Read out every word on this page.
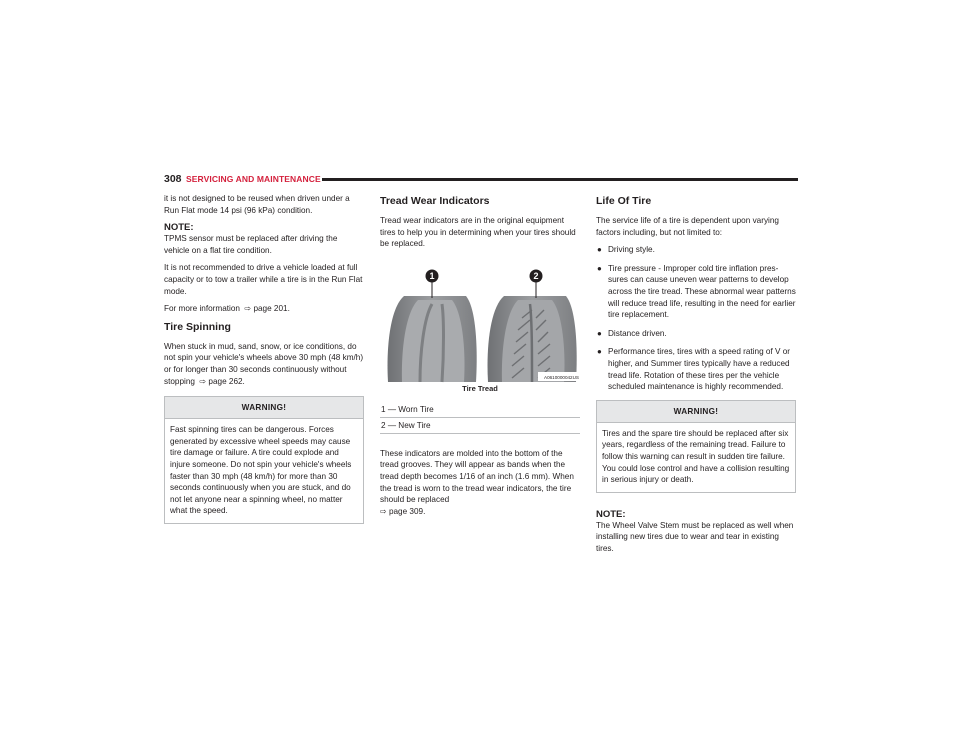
308 SERVICING AND MAINTENANCE

it is not designed to be reused when driven under a Run Flat mode 14 psi (96 kPa) condition.

NOTE:

TPMS sensor must be replaced after driving the vehicle on a flat tire condition.

It is not recommended to drive a vehicle loaded at full capacity or to tow a trailer while a tire is in the Run Flat mode.

For more information  ⇨ page 201.

Tire Spinning

When stuck in mud, sand, snow, or ice conditions, do not spin your vehicle's wheels above 30 mph (48 km/h) or for longer than 30 seconds continuously without stopping  ⇨ page 262.

WARNING!
Fast spinning tires can be dangerous. Forces generated by excessive wheel speeds may cause tire damage or failure. A tire could explode and injure someone. Do not spin your vehicle's wheels faster than 30 mph (48 km/h) for more than 30 seconds continuously when you are stuck, and do not let anyone near a spinning wheel, no matter what the speed.
Tread Wear Indicators

Tread wear indicators are in the original equipment tires to help you in determining when your tires should be replaced.

1	2
A0610000042US
Tire Tread
1 — Worn Tire
2 — New Tire

These indicators are molded into the bottom of the tread grooves. They will appear as bands when the tread depth becomes 1/16 of an inch (1.6 mm). When the tread is worn to the tread wear indicators, the tire should be replaced
⇨ page 309.

Life Of Tire

The service life of a tire is dependent upon varying factors including, but not limited to:

● Driving style.
● Tire pressure - Improper cold tire inflation pres-sures can cause uneven wear patterns to develop across the tire tread. These abnormal wear patterns will reduce tread life, resulting in the need for earlier tire replacement.
● Distance driven.
● Performance tires, tires with a speed rating of V or higher, and Summer tires typically have a reduced tread life. Rotation of these tires per the vehicle scheduled maintenance is highly recommended.
WARNING!
Tires and the spare tire should be replaced after six years, regardless of the remaining tread. Failure to follow this warning can result in sudden tire failure. You could lose control and have a collision resulting in serious injury or death.
NOTE:

The Wheel Valve Stem must be replaced as well when installing new tires due to wear and tear in existing tires.
